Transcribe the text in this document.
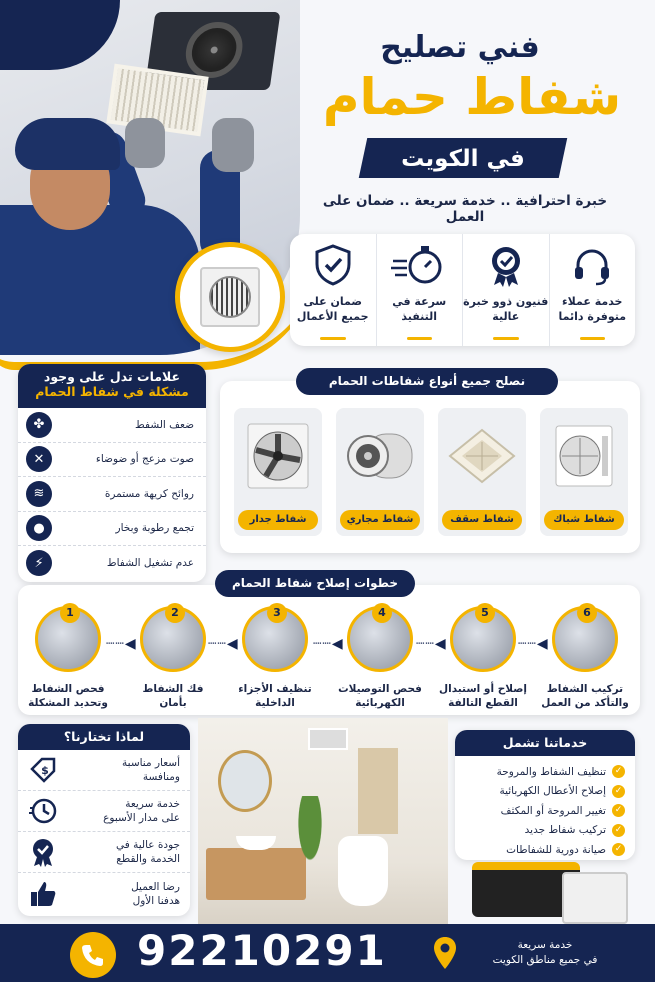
فني تصليح
شفاط حمام
في الكويت
خبرة احترافية .. خدمة سريعة .. ضمان على العمل
خدمة عملاء متوفرة دائما
فنيون ذوو خبرة عالية
سرعة في التنفيذ
ضمان على جميع الأعمال
علامات تدل على وجود
مشكلة في شفاط الحمام
ضعف الشفط
✤
صوت مزعج أو ضوضاء
✕
روائح كريهة مستمرة
≋
تجمع رطوبة وبخار
●
عدم تشغيل الشفاط
⚡
نصلح جميع أنواع شفاطات الحمام
شفاط شباك
شفاط سقف
شفاط مجاري
شفاط جدار
خطوات إصلاح شفاط الحمام
6
تركيب الشفاط
والتأكد من العمل
◀┈┈
5
إصلاح أو استبدال
القطع التالفة
◀┈┈
4
فحص التوصيلات
الكهربائية
◀┈┈
3
تنظيف الأجزاء
الداخلية
◀┈┈
2
فك الشفاط
بأمان
◀┈┈
1
فحص الشفاط
وتحديد المشكلة
لماذا تختارنا؟
أسعار مناسبة
ومنافسة
$
خدمة سريعة
على مدار الأسبوع
جودة عالية في
الخدمة والقطع
رضا العميل
هدفنا الأول
خدماتنا تشمل
✓
تنظيف الشفاط والمروحة
✓
إصلاح الأعطال الكهربائية
✓
تغيير المروحة أو المكثف
✓
تركيب شفاط جديد
✓
صيانة دورية للشفاطات
92210291	خدمة سريعة
في جميع مناطق الكويت
